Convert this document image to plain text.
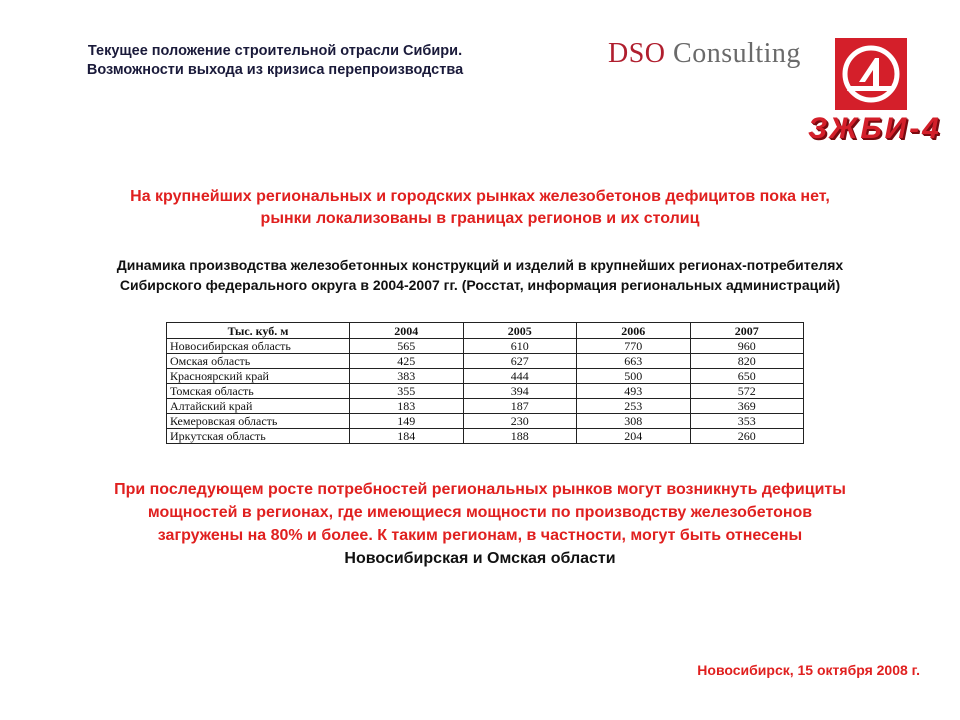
Текущее положение строительной отрасли Сибири.
Возможности выхода из кризиса перепроизводства
DSO Consulting
ЗЖБИ-4
На крупнейших региональных и городских рынках железобетонов дефицитов пока нет,
рынки локализованы в границах регионов и их столиц
Динамика производства железобетонных конструкций и изделий в крупнейших регионах-потребителях
Сибирского федерального округа в 2004-2007 гг. (Росстат, информация региональных администраций)
Тыс. куб. м	2004	2005	2006	2007
Новосибирская область	565	610	770	960
Омская область	425	627	663	820
Красноярский край	383	444	500	650
Томская область	355	394	493	572
Алтайский край	183	187	253	369
Кемеровская область	149	230	308	353
Иркутская область	184	188	204	260
При последующем росте потребностей региональных рынков могут возникнуть дефициты
мощностей в регионах, где имеющиеся мощности по производству железобетонов
загружены на 80% и более. К таким регионам, в частности, могут быть отнесены
Новосибирская и Омская области
Новосибирск, 15 октября 2008 г.
